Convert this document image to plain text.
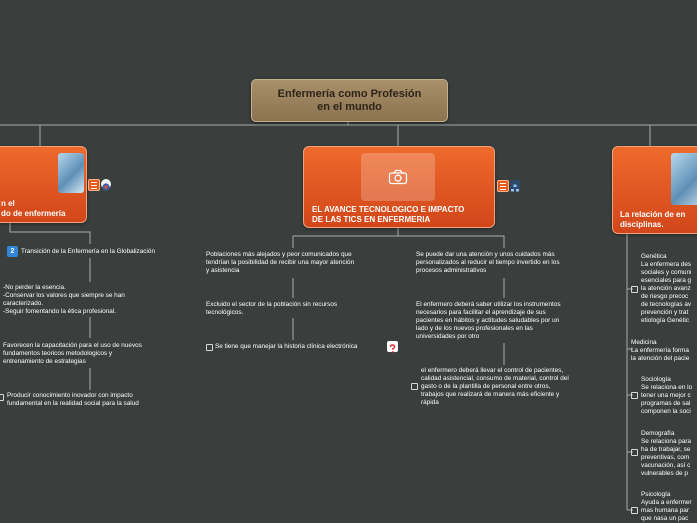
Enfermería como Profesión
en el mundo
n el
do de enfermería
2	Transición de la Enfermería en la Globalización
-No perder la esencia.
-Conservar los valores que siempre se han
caracterizado.
-Seguir fomentando la ética profesional.
Favorecen la capacitación para el uso de nuevos
fundamentos teoricos metodologicos y
entrenamiento de estrategias
Producir conocimiento inovador con impacto
fundamental en la realidad social para la salud
EL AVANCE TECNOLOGICO E IMPACTO
DE LAS TICS EN ENFERMERIA
Poblaciones más alejados y peor comunicados que
tendrían la posibilidad de recibir una mayor atención
y asistencia
Excluido el sector de la población sin recursos
tecnológicos.
Se tiene que manejar la historia clínica electrónica
Se puede dar una atención y unos cuidados más
personalizados al reducir el tiempo invertido en los
procesos administrativos
El enfermero deberá saber utilizar los instrumentos
necesarios para facilitar el aprendizaje de sus
pacientes en hábitos y actitudes saludables por un
lado y de los nuevos profesionales en las
universidades por otro
el enfermero deberá llevar el control de pacientes,
calidad asistencial, consumo de material, control del
gasto o de la plantilla de personal entre otros,
trabajos que realizará de manera más eficiente y
rápida
La relación de en
disciplinas.
Genética
La enfermera des
sociales y comuni
esenciales para g
la atención avanz
de riesgo precoc
de tecnologías av
prevención y trat
etiología Genétic
Medicina
La enfermería forma
la atención del pacie
Sociología
Se relaciona en lo
tener una mejor c
programas de sal
componen la soci
Demografía
Se relaciona para
ha de trabajar, se
preventivas, com
vacunación, así c
vulnerables de p
Psicología
Ayuda a enfermer
mas humana par
que nasa un pac
